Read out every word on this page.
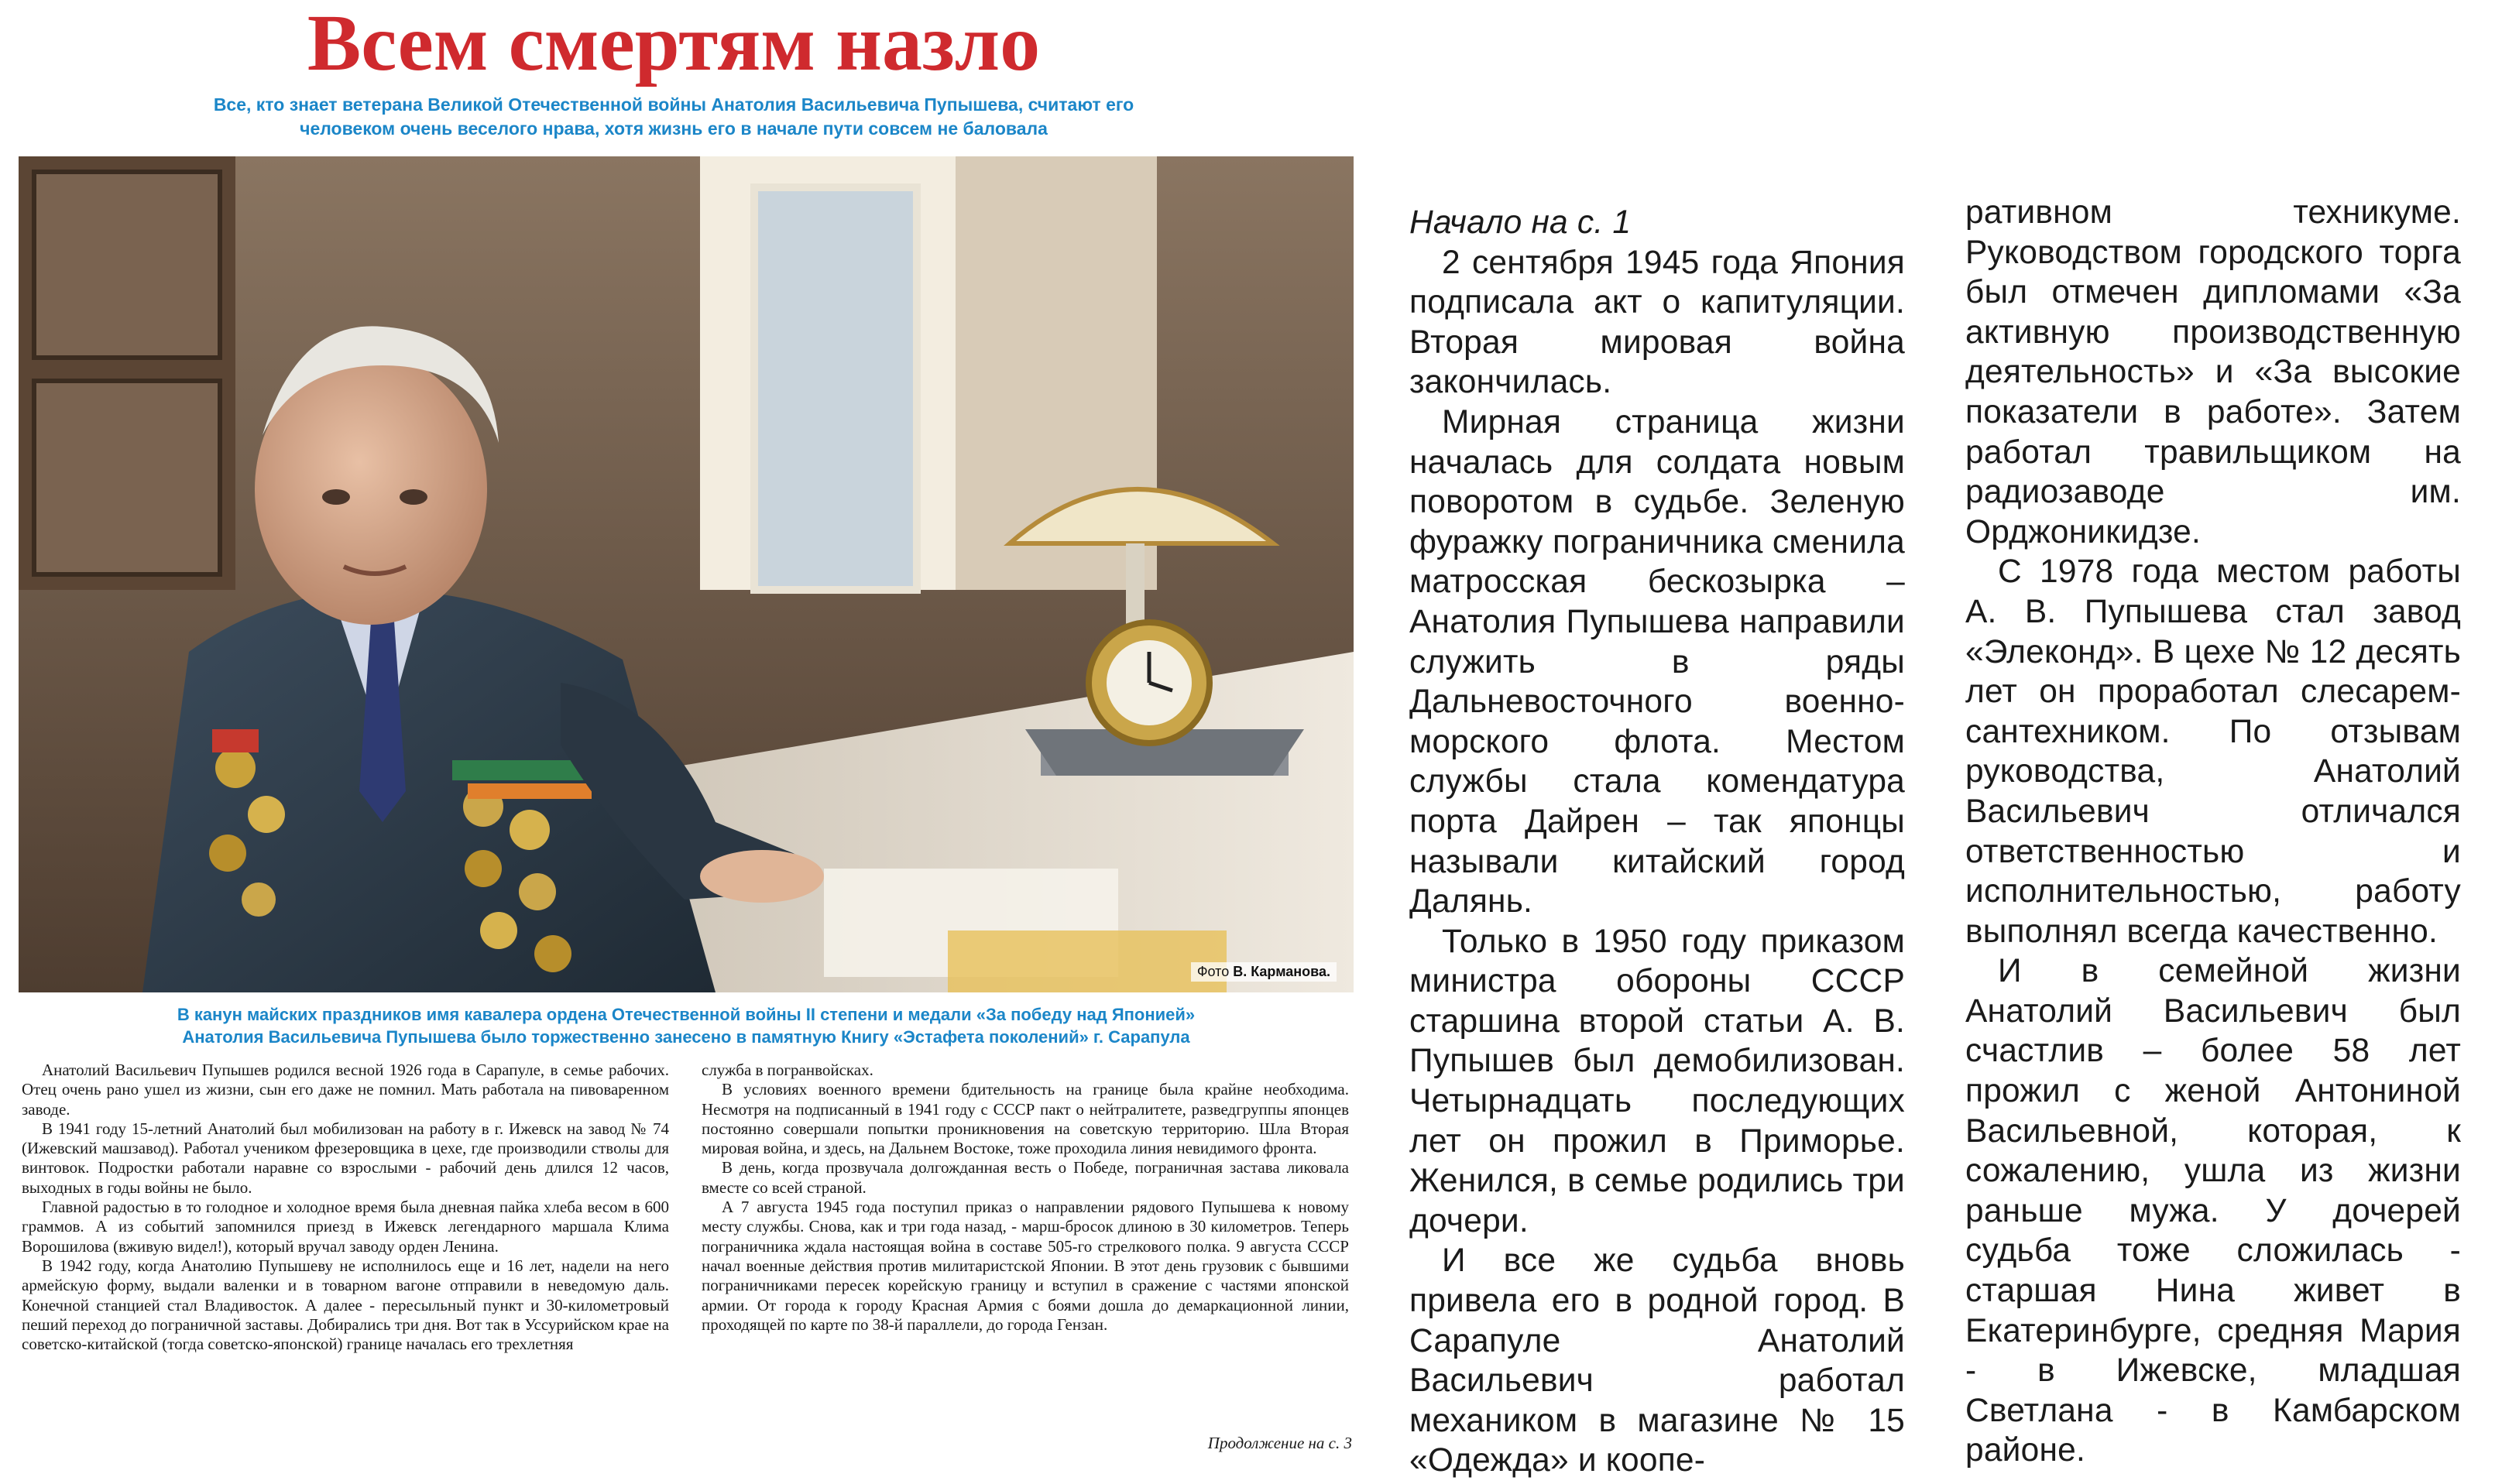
Всем смертям назло
Все, кто знает ветерана Великой Отечественной войны Анатолия Васильевича Пупышева, считают его
человеком очень веселого нрава, хотя жизнь его в начале пути совсем не баловала
Фото В. Карманова.
В канун майских праздников имя кавалера ордена Отечественной войны II степени и медали «За победу над Японией»
Анатолия Васильевича Пупышева было торжественно занесено в памятную Книгу «Эстафета поколений» г. Сарапула

Анатолий Васильевич Пупышев родился весной 1926 года в Сарапуле, в семье рабочих. Отец очень рано ушел из жизни, сын его даже не помнил. Мать работала на пивоваренном заводе.

В 1941 году 15-летний Анатолий был мобилизован на работу в г. Ижевск на завод № 74 (Ижевский машзавод). Работал учеником фрезеровщика в цехе, где производили стволы для винтовок. Подростки работали наравне со взрослыми - рабочий день длился 12 часов, выходных в годы войны не было.

Главной радостью в то голодное и холодное время была дневная пайка хлеба весом в 600 граммов. А из событий запомнился приезд в Ижевск легендарного маршала Клима Ворошилова (вживую видел!), который вручал заводу орден Ленина.

В 1942 году, когда Анатолию Пупышеву не исполнилось еще и 16 лет, надели на него армейскую форму, выдали валенки и в товарном вагоне отправили в неведомую даль. Конечной станцией стал Владивосток. А далее - пересыльный пункт и 30-километровый пеший переход до пограничной заставы. Добирались три дня. Вот так в Уссурийском крае на советско-китайской (тогда советско-японской) границе началась его трехлетняя

служба в погранвойсках.

В условиях военного времени бдительность на границе была крайне необходима. Несмотря на подписанный в 1941 году с СССР пакт о нейтралитете, разведгруппы японцев постоянно совершали попытки проникновения на советскую территорию. Шла Вторая мировая война, и здесь, на Дальнем Востоке, тоже проходила линия невидимого фронта.

В день, когда прозвучала долгожданная весть о Победе, пограничная застава ликовала вместе со всей страной.

А 7 августа 1945 года поступил приказ о направлении рядового Пупышева к новому месту службы. Снова, как и три года назад, - марш-бросок длиною в 30 километров. Теперь пограничника ждала настоящая война в составе 505-го стрелкового полка. 9 августа СССР начал военные действия против милитаристской Японии. В этот день грузовик с бывшими пограничниками пересек корейскую границу и вступил в сражение с частями японской армии. От города к городу Красная Армия с боями дошла до демаркационной линии, проходящей по карте по 38-й параллели, до города Гензан.

Продолжение на с. 3

Начало на с. 1

2 сентября 1945 года Япония подписала акт о капитуляции. Вторая мировая война закончилась.

Мирная страница жизни началась для солдата новым поворотом в судьбе. Зеленую фуражку пограничника сменила матросская бескозырка – Анатолия Пупышева направили служить в ряды Дальневосточного военно-морского флота. Местом службы стала комендатура порта Дайрен – так японцы называли китайский город Далянь.

Только в 1950 году приказом министра обороны СССР старшина второй статьи А. В. Пупышев был демобилизован. Четырнадцать последующих лет он прожил в Приморье. Женился, в семье родились три дочери.

И все же судьба вновь привела его в родной город. В Сарапуле Анатолий Васильевич работал механиком в магазине № 15 «Одежда» и коопе-

ративном техникуме. Руководством городского торга был отмечен дипломами «За активную производственную деятельность» и «За высокие показатели в работе». Затем работал травильщиком на радиозаводе им. Орджоникидзе.

С 1978 года местом работы А. В. Пупышева стал завод «Элеконд». В цехе № 12 десять лет он проработал слесарем-сантехником. По отзывам руководства, Анатолий Васильевич отличался ответственностью и исполнительностью, работу выполнял всегда качественно.

И в семейной жизни Анатолий Васильевич был счастлив – более 58 лет прожил с женой Антониной Васильевной, которая, к сожалению, ушла из жизни раньше мужа. У дочерей судьба тоже сложилась - старшая Нина живет в Екатеринбурге, средняя Мария - в Ижевске, младшая Светлана - в Камбарском районе.
